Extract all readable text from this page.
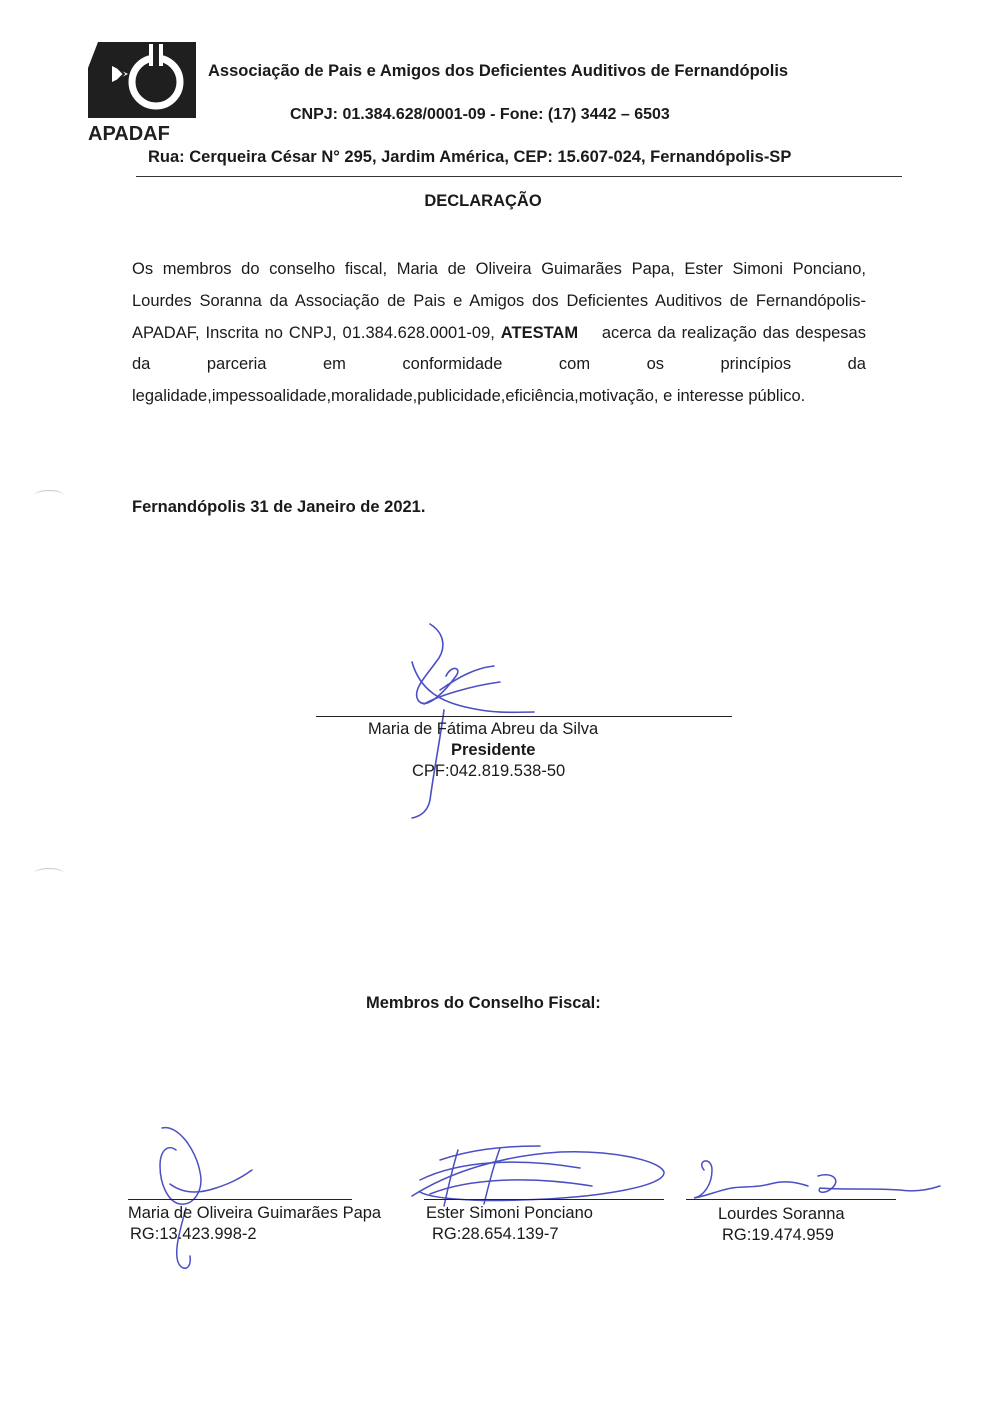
APADAF
Associação de Pais e Amigos dos Deficientes Auditivos de Fernandópolis
CNPJ: 01.384.628/0001-09 - Fone: (17) 3442 – 6503
Rua: Cerqueira César N° 295, Jardim América, CEP: 15.607-024, Fernandópolis-SP
DECLARAÇÃO
Os membros do conselho fiscal, Maria de Oliveira Guimarães Papa, Ester Simoni Ponciano, Lourdes Soranna da Associação de Pais e Amigos dos Deficientes Auditivos de Fernandópolis-APADAF, Inscrita no CNPJ, 01.384.628.0001-09, ATESTAM acerca da realização das despesas da parceria em conformidade com os princípios da legalidade,impessoalidade,moralidade,publicidade,eficiência,motivação, e interesse público.
Fernandópolis 31 de Janeiro de 2021.
Maria de Fátima Abreu da Silva
Presidente
CPF:042.819.538-50
Membros do Conselho Fiscal:
Maria de Oliveira Guimarães Papa
RG:13.423.998-2
Ester Simoni Ponciano
RG:28.654.139-7
Lourdes Soranna
RG:19.474.959
